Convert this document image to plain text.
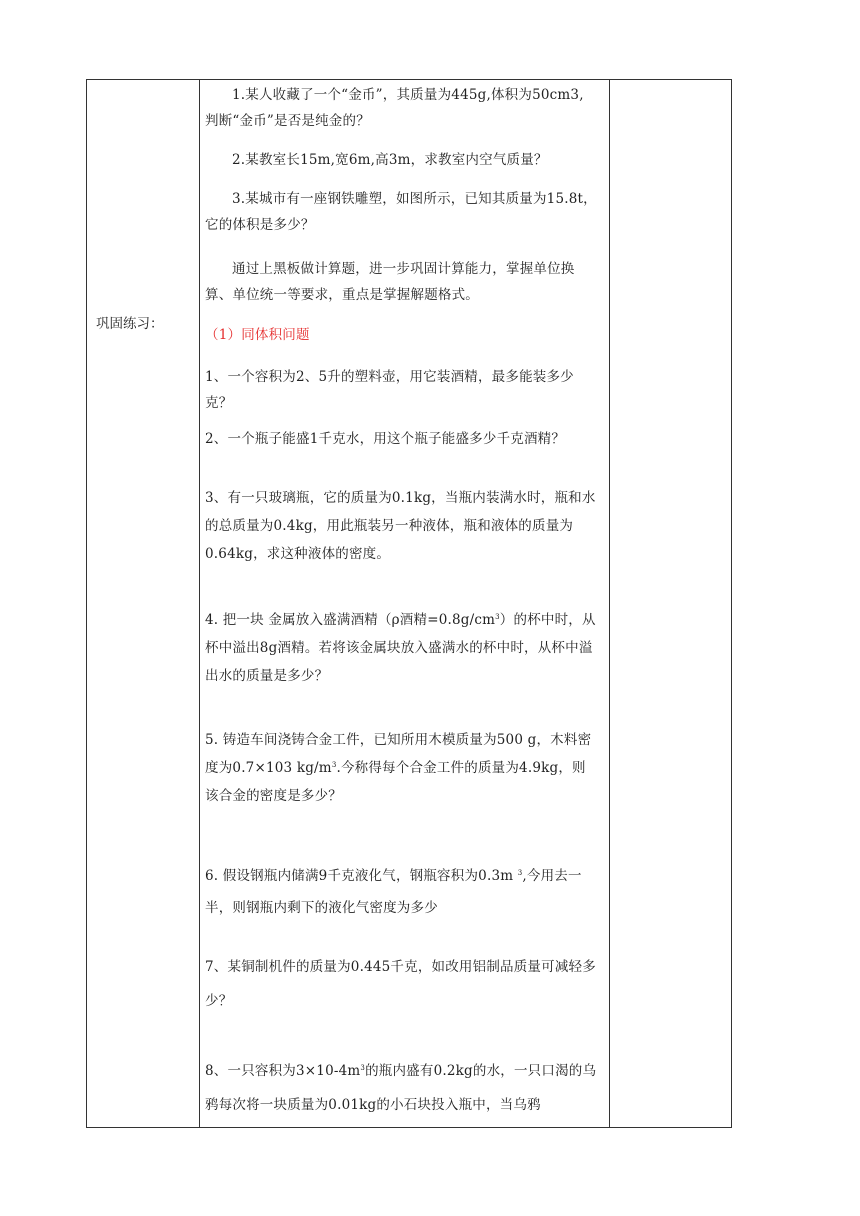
巩固练习：

1.某人收藏了一个“金币”，其质量为445g,体积为50cm3,判断“金币”是否是纯金的？

2.某教室长15m,宽6m,高3m，求教室内空气质量？

3.某城市有一座钢铁雕塑，如图所示，已知其质量为15.8t，它的体积是多少？

通过上黑板做计算题，进一步巩固计算能力，掌握单位换算、单位统一等要求，重点是掌握解题格式。

（1）同体积问题

1、一个容积为2、5升的塑料壶，用它装酒精，最多能装多少克？

2、一个瓶子能盛1千克水，用这个瓶子能盛多少千克酒精？

3、有一只玻璃瓶，它的质量为0.1kg，当瓶内装满水时，瓶和水的总质量为0.4kg，用此瓶装另一种液体，瓶和液体的质量为0.64kg，求这种液体的密度。

4. 把一块 金属放入盛满酒精（ρ酒精$=0.8g/cm^3$）的杯中时，从杯中溢出8g酒精。若将该金属块放入盛满水的杯中时，从杯中溢出水的质量是多少？

5. 铸造车间浇铸合金工件，已知所用木模质量为500 g，木料密度为0.7×103 $kg/m^3$.今称得每个合金工件的质量为4.9kg，则该合金的密度是多少？

6. 假设钢瓶内储满9千克液化气，钢瓶容积为0.3m $^3$,今用去一半，则钢瓶内剩下的液化气密度为多少

7、某铜制机件的质量为0.445千克，如改用铝制品质量可减轻多少？

8、一只容积为$3\times 10-4m^3$的瓶内盛有0.2kg的水，一只口渴的乌鸦每次将一块质量为0.01kg的小石块投入瓶中，当乌鸦
